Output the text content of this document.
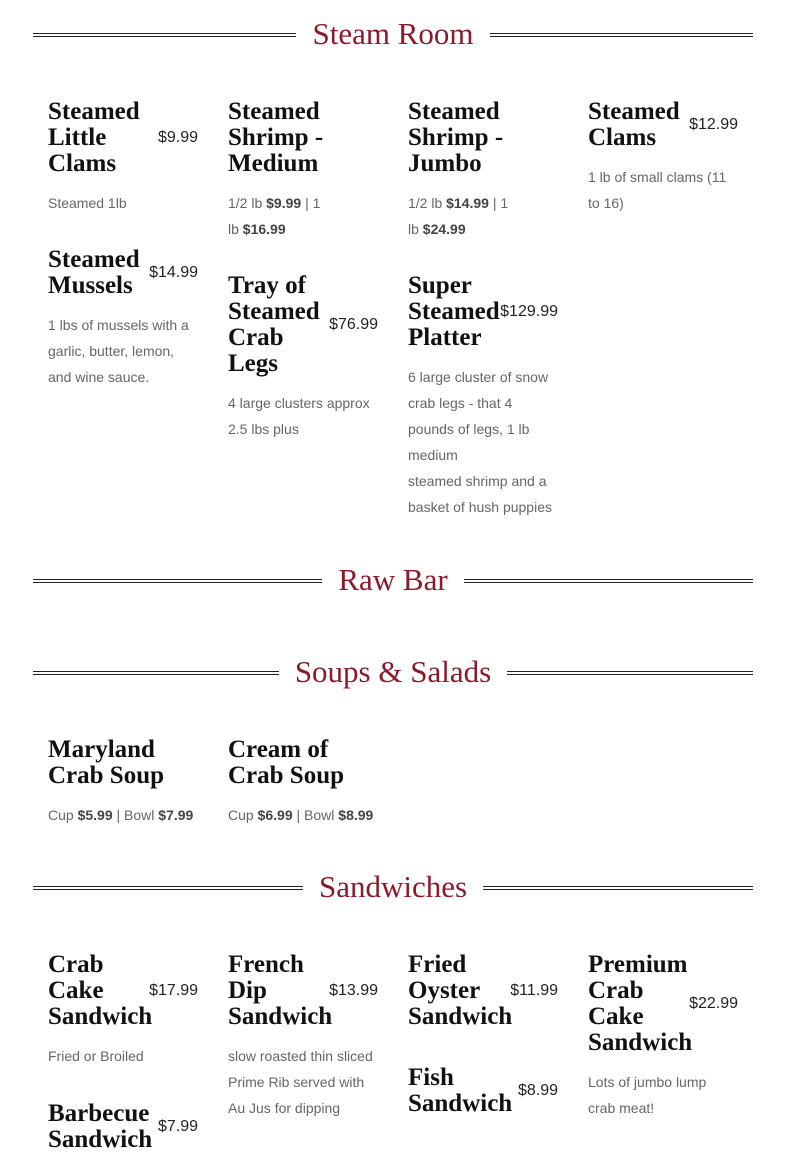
Steam Room
Steamed Little Clams
$9.99
Steamed 1lb
Steamed Mussels	$14.99
1 lbs of mussels with a garlic, butter, lemon, and wine sauce.
Steamed Shrimp - Medium
1/2 lb $9.99 | 1 lb $16.99
Tray of Steamed Crab Legs
$76.99
4 large clusters approx 2.5 lbs plus
Steamed Shrimp - Jumbo
1/2 lb $14.99 | 1 lb $24.99
Super Steamed Platter
$129.99
6 large cluster of snow crab legs - that 4 pounds of legs, 1 lb medium
steamed shrimp and a basket of hush puppies
Steamed Clams	$12.99
1 lb of small clams (11 to 16)
Raw Bar
Soups & Salads
Maryland Crab Soup
Cup $5.99 | Bowl $7.99
Cream of Crab Soup
Cup $6.99 | Bowl $8.99
Sandwiches
Crab Cake Sandwich
$17.99
Fried or Broiled
Barbecue Sandwich $7.99
French Dip Sandwich
$13.99
slow roasted thin sliced Prime Rib served with Au Jus for dipping
Fried Oyster Sandwich
$11.99
Fish Sandwich $8.99
Premium Crab Cake Sandwich
$22.99
Lots of jumbo lump crab meat!
